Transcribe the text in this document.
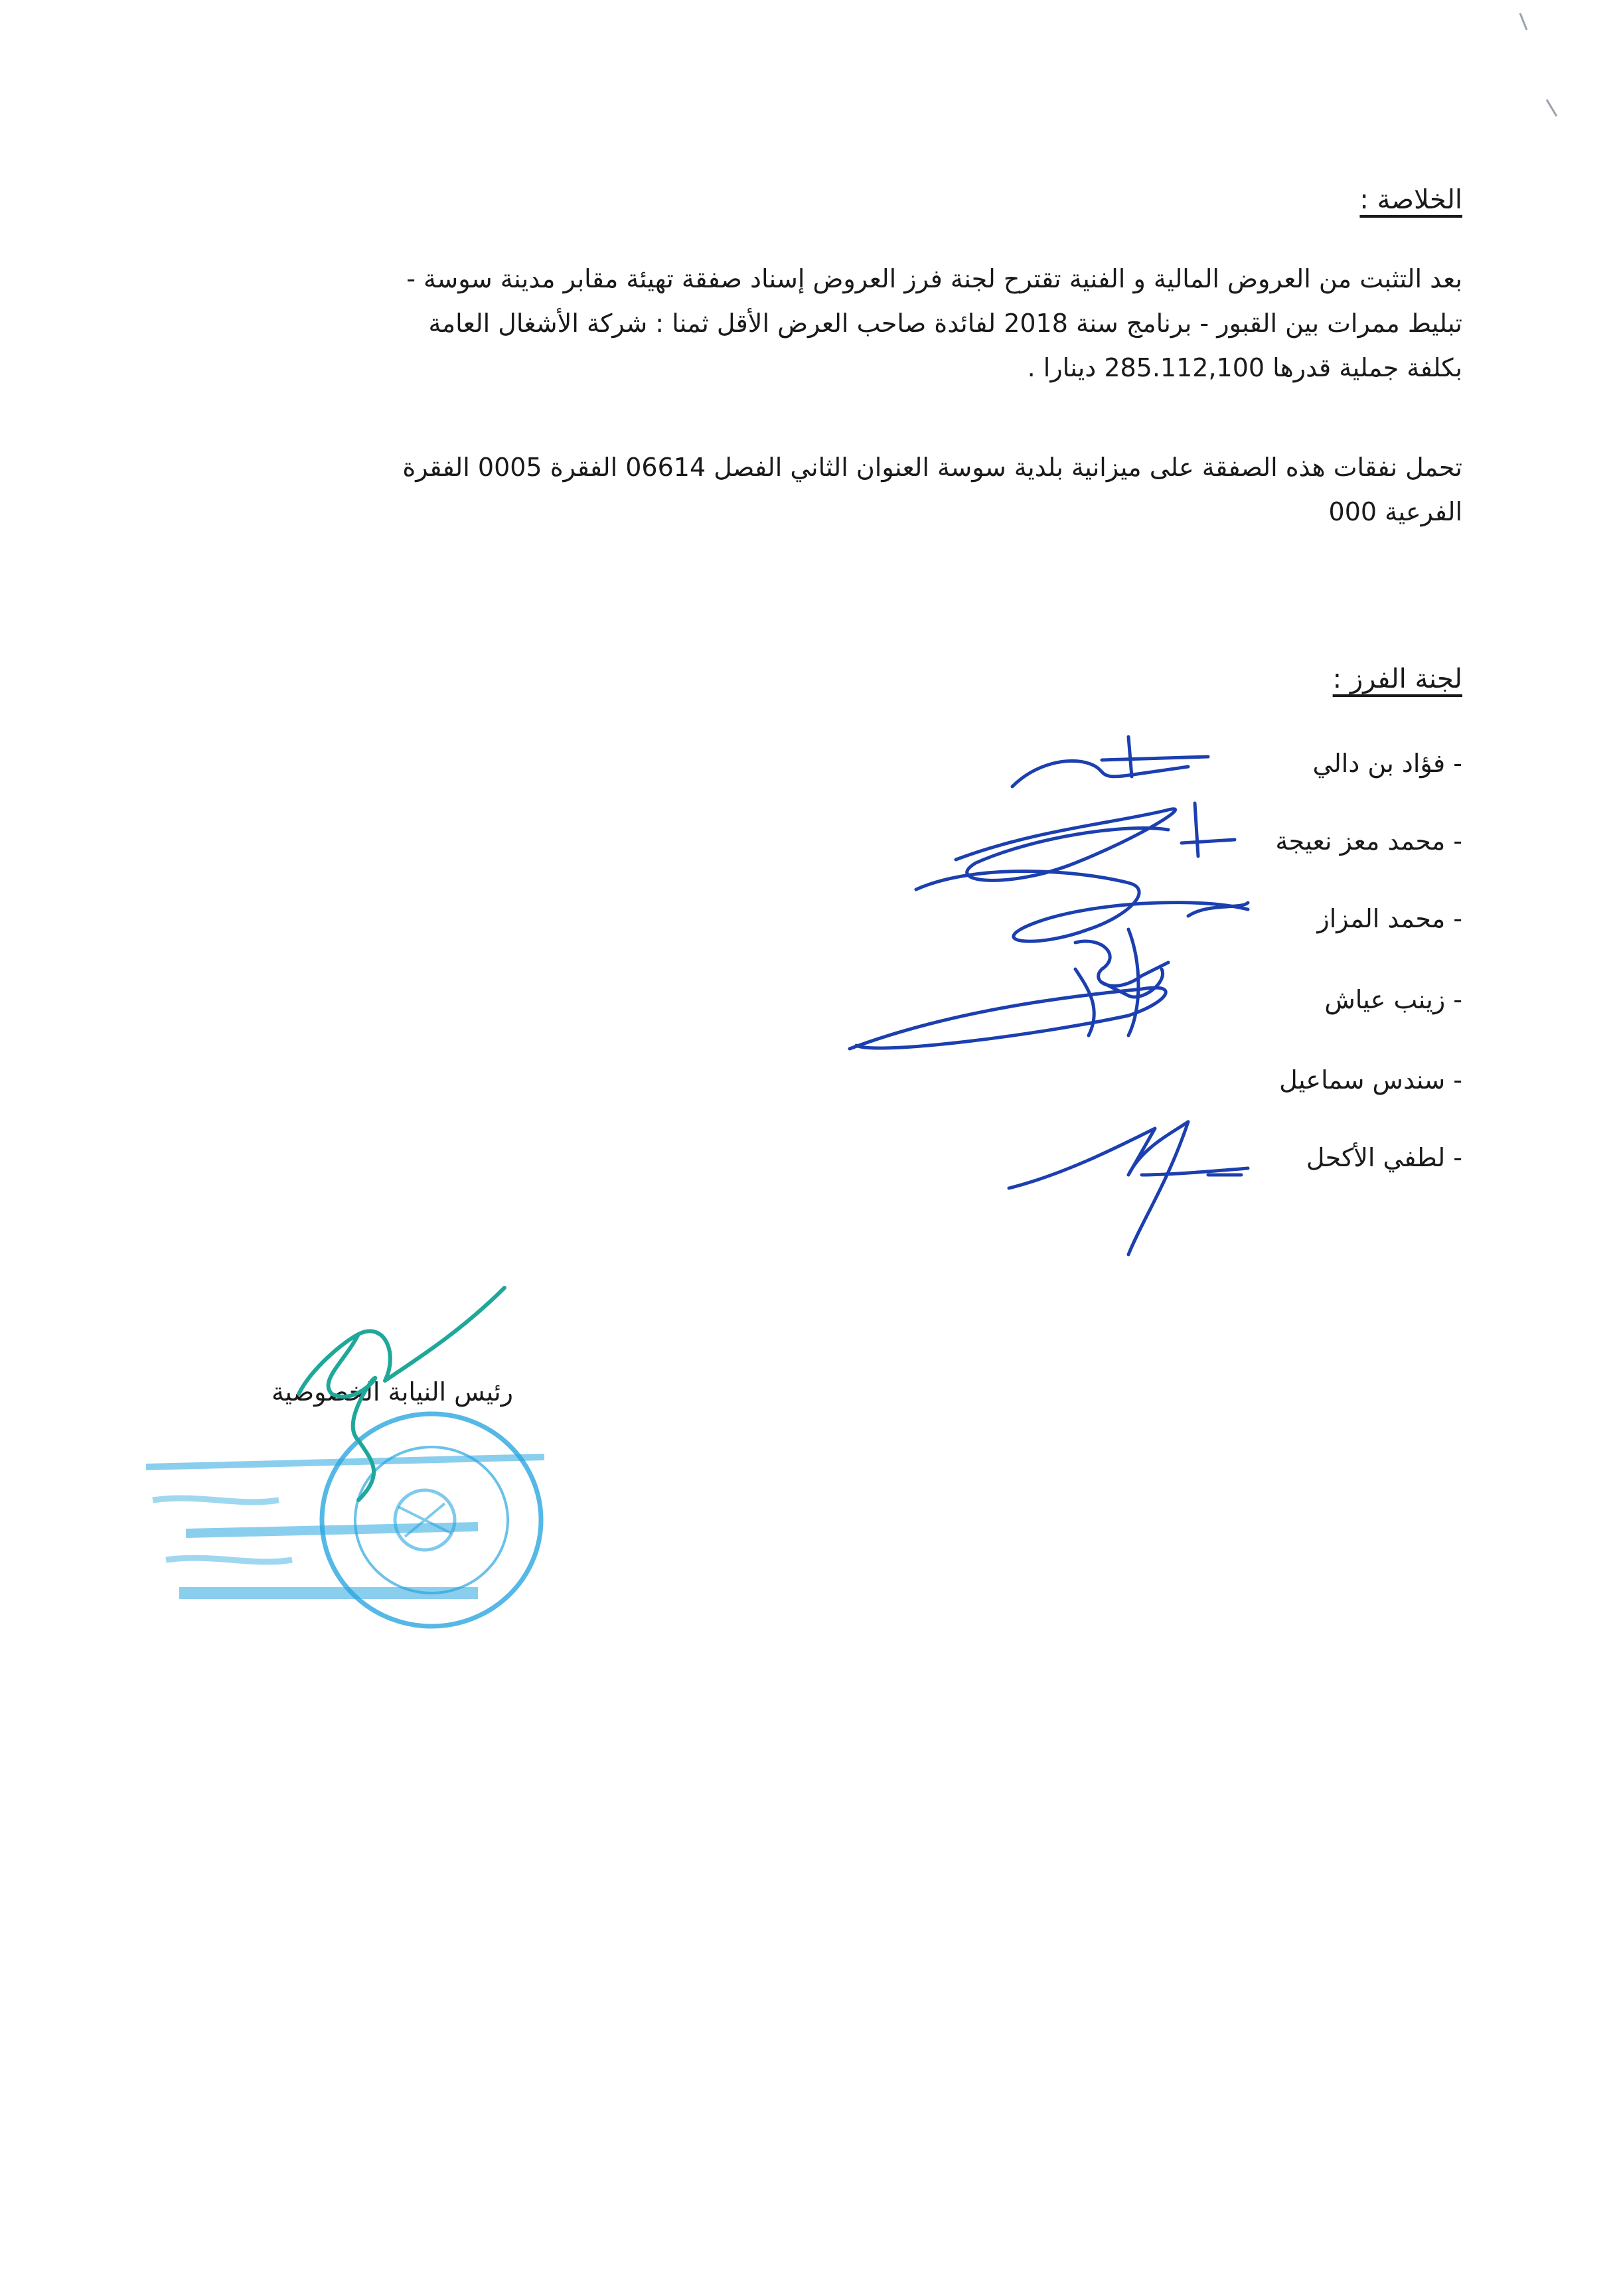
الخلاصة :
بعد التثبت من العروض المالية و الفنية تقترح لجنة فرز العروض إسناد صفقة تهيئة مقابر مدينة سوسة -
تبليط ممرات بين القبور - برنامج سنة 2018 لفائدة صاحب العرض الأقل ثمنا : شركة الأشغال العامة
بكلفة جملية قدرها 285.112,100 دينارا .
تحمل نفقات هذه الصفقة على ميزانية بلدية سوسة العنوان الثاني الفصل 06614 الفقرة 0005 الفقرة
الفرعية 000
لجنة الفرز :
- فؤاد بن دالي
- محمد معز نعيجة
- محمد المزاز
- زينب عياش
- سندس سماعيل
- لطفي الأكحل
رئيس النيابة الخصوصية
